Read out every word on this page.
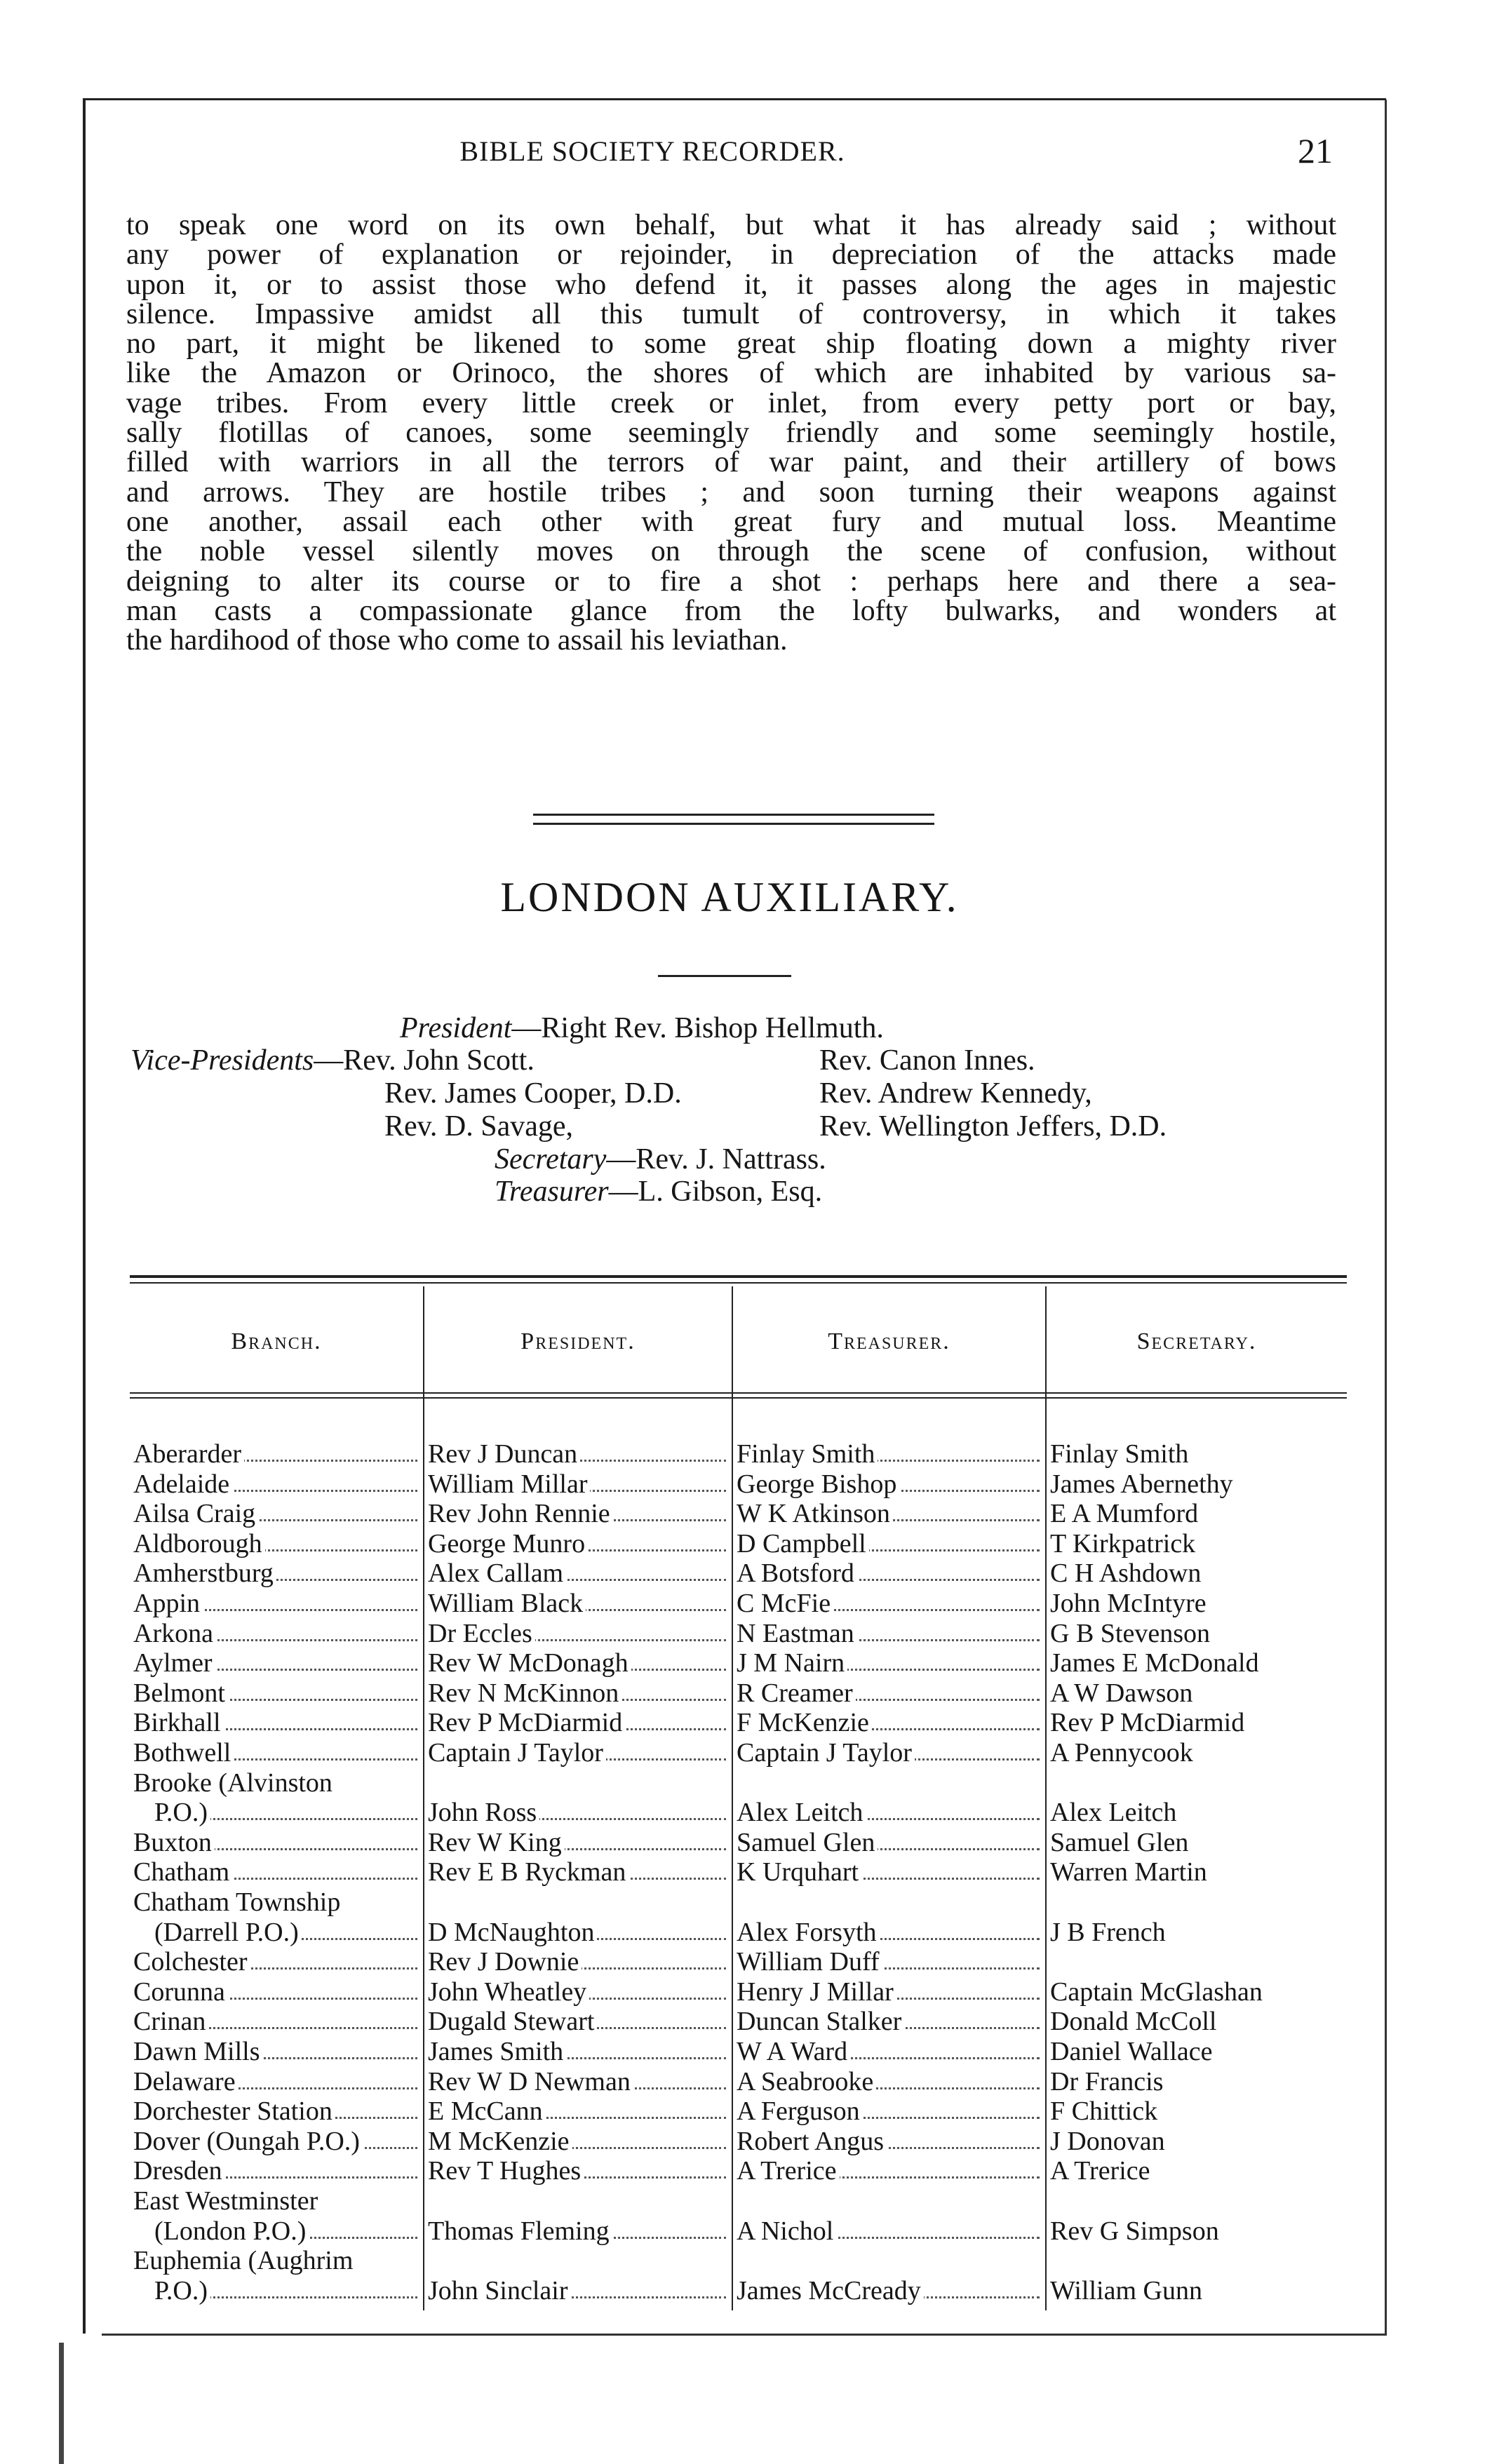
BIBLE SOCIETY RECORDER.	21
to speak one word on its own behalf, but what it has already said ; without
any power of explanation or rejoinder, in depreciation of the attacks made
upon it, or to assist those who defend it, it passes along the ages in majestic
silence. Impassive amidst all this tumult of controversy, in which it takes
no part, it might be likened to some great ship floating down a mighty river
like the Amazon or Orinoco, the shores of which are inhabited by various sa-
vage tribes. From every little creek or inlet, from every petty port or bay,
sally flotillas of canoes, some seemingly friendly and some seemingly hostile,
filled with warriors in all the terrors of war paint, and their artillery of bows
and arrows. They are hostile tribes ; and soon turning their weapons against
one another, assail each other with great fury and mutual loss. Meantime
the noble vessel silently moves on through the scene of confusion, without
deigning to alter its course or to fire a shot : perhaps here and there a sea-
man casts a compassionate glance from the lofty bulwarks, and wonders at
the hardihood of those who come to assail his leviathan.
LONDON AUXILIARY.
President—Right Rev. Bishop Hellmuth.
Vice-Presidents—Rev. John Scott.	Rev. Canon Innes.
Rev. James Cooper, D.D.	Rev. Andrew Kennedy,
Rev. D. Savage,	Rev. Wellington Jeffers, D.D.
Secretary—Rev. J. Nattrass.
Treasurer—L. Gibson, Esq.
Branch.	President.	Treasurer.	Secretary.
Aberarder	Rev J Duncan	Finlay Smith	Finlay Smith
Adelaide	William Millar	George Bishop	James Abernethy
Ailsa Craig	Rev John Rennie	W K Atkinson	E A Mumford
Aldborough	George Munro	D Campbell	T Kirkpatrick
Amherstburg	Alex Callam	A Botsford	C H Ashdown
Appin	William Black	C McFie	John McIntyre
Arkona	Dr Eccles	N Eastman	G B Stevenson
Aylmer	Rev W McDonagh	J M Nairn	James E McDonald
Belmont	Rev N McKinnon	R Creamer	A W Dawson
Birkhall	Rev P McDiarmid	F McKenzie	Rev P McDiarmid
Bothwell	Captain J Taylor	Captain J Taylor	A Pennycook
Brooke (Alvinston
P.O.)	John Ross	Alex Leitch	Alex Leitch
Buxton	Rev W King	Samuel Glen	Samuel Glen
Chatham	Rev E B Ryckman	K Urquhart	Warren Martin
Chatham Township
(Darrell P.O.)	D McNaughton	Alex Forsyth	J B French
Colchester	Rev J Downie	William Duff
Corunna	John Wheatley	Henry J Millar	Captain McGlashan
Crinan	Dugald Stewart	Duncan Stalker	Donald McColl
Dawn Mills	James Smith	W A Ward	Daniel Wallace
Delaware	Rev W D Newman	A Seabrooke	Dr Francis
Dorchester Station	E McCann	A Ferguson	F Chittick
Dover (Oungah P.O.)	M McKenzie	Robert Angus	J Donovan
Dresden	Rev T Hughes	A Trerice	A Trerice
East Westminster
(London P.O.)	Thomas Fleming	A Nichol	Rev G Simpson
Euphemia (Aughrim
P.O.)	John Sinclair	James McCready	William Gunn
